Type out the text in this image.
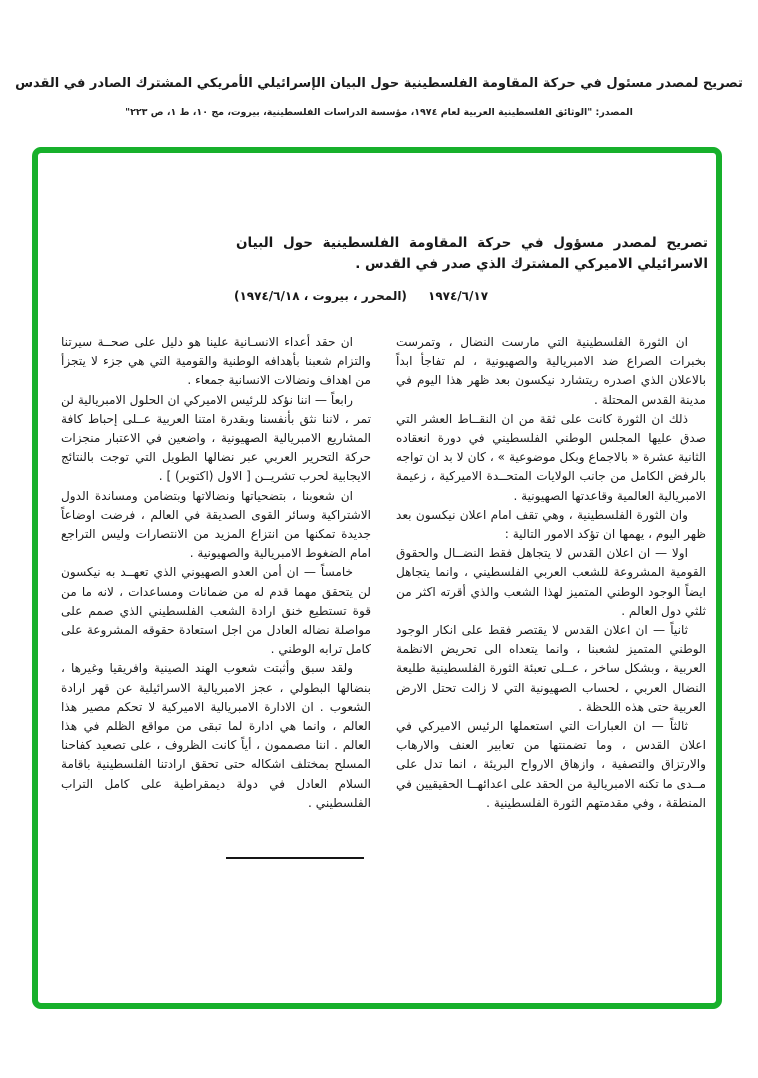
تصريح لمصدر مسئول في حركة المقاومة الفلسطينية حول البيان الإسرائيلي الأمريكي المشترك الصادر في القدس
المصدر: "الوثائق الفلسطينية العربية لعام ١٩٧٤، مؤسسة الدراسات الفلسطينية، بيروت، مج ١٠، ط ١، ص ٢٢٣"
تصريح لمصدر مسؤول في حركة المقاومة الفلسطينية حول البيان الاسرائيلي الاميركي المشترك الذي صدر في القدس .
١٩٧٤/٦/١٧
(المحرر ، بيروت ، ١٩٧٤/٦/١٨)

ان الثورة الفلسطينية التي مارست النضال ، وتمرست بخبرات الصراع ضد الامبريالية والصهيونية ، لم تفاجأ ابداً بالاعلان الذي اصدره ريتشارد نيكسون بعد ظهر هذا اليوم في مدينة القدس المحتلة .

ذلك ان الثورة كانت على ثقة من ان النقــاط العشر التي صدق عليها المجلس الوطني الفلسطيني في دورة انعقاده الثانية عشرة « بالاجماع وبكل موضوعية » ، كان لا بد ان تواجه بالرفض الكامل من جانب الولايات المتحــدة الاميركية ، زعيمة الامبريالية العالمية وقاعدتها الصهيونية .

وان الثورة الفلسطينية ، وهي تقف امام اعلان نيكسون بعد ظهر اليوم ، يهمها ان تؤكد الامور التالية :

اولا — ان اعلان القدس لا يتجاهل فقط النضــال والحقوق القومية المشروعة للشعب العربي الفلسطيني ، وانما يتجاهل ايضاً الوجود الوطني المتميز لهذا الشعب والذي أقرته اكثر من ثلثي دول العالم .

ثانياً — ان اعلان القدس لا يقتصر فقط على انكار الوجود الوطني المتميز لشعبنا ، وانما يتعداه الى تحريض الانظمة العربية ، وبشكل ساخر ، عــلى تعبئة الثورة الفلسطينية طليعة النضال العربي ، لحساب الصهيونية التي لا زالت تحتل الارض العربية حتى هذه اللحظة .

ثالثاً — ان العبارات التي استعملها الرئيس الاميركي في اعلان القدس ، وما تضمنتها من تعابير العنف والارهاب والارتزاق والتصفية ، وازهاق الارواح البريئة ، انما تدل على مــدى ما تكنه الامبريالية من الحقد على اعدائهــا الحقيقيين في المنطقة ، وفي مقدمتهم الثورة الفلسطينية .

ان حقد أعداء الانسـانية علينا هو دليل على صحــة سيرتنا والتزام شعبنا بأهدافه الوطنية والقومية التي هي جزء لا يتجزأ من اهداف ونضالات الانسانية جمعاء .

رابعاً — اننا نؤكد للرئيس الاميركي ان الحلول الامبريالية لن تمر ، لاننا نثق بأنفسنا وبقدرة امتنا العربية عــلى إحباط كافة المشاريع الامبريالية الصهيونية ، واضعين في الاعتبار منجزات حركة التحرير العربي عبر نضالها الطويل التي توجت بالنتائج الايجابية لحرب تشريــن [ الاول (اكتوبر) ] .

ان شعوبنا ، بتضحياتها ونضالاتها وبتضامن ومساندة الدول الاشتراكية وسائر القوى الصديقة في العالم ، فرضت اوضاعاً جديدة تمكنها من انتزاع المزيد من الانتصارات وليس التراجع امام الضغوط الامبريالية والصهيونية .

خامساً — ان أمن العدو الصهيوني الذي تعهــد به نيكسون لن يتحقق مهما قدم له من ضمانات ومساعدات ، لانه ما من قوة تستطيع خنق ارادة الشعب الفلسطيني الذي صمم على مواصلة نضاله العادل من اجل استعادة حقوقه المشروعة على كامل ترابه الوطني .

ولقد سبق وأثبتت شعوب الهند الصينية وافريقيا وغيرها ، بنضالها البطولي ، عجز الامبريالية الاسرائيلية عن قهر ارادة الشعوب . ان الادارة الامبريالية الاميركية لا تحكم مصير هذا العالم ، وانما هي ادارة لما تبقى من مواقع الظلم في هذا العالم . اننا مصممون ، أياً كانت الظروف ، على تصعيد كفاحنا المسلح بمختلف اشكاله حتى تحقق ارادتنا الفلسطينية باقامة السلام العادل في دولة ديمقراطية على كامل التراب الفلسطيني .
